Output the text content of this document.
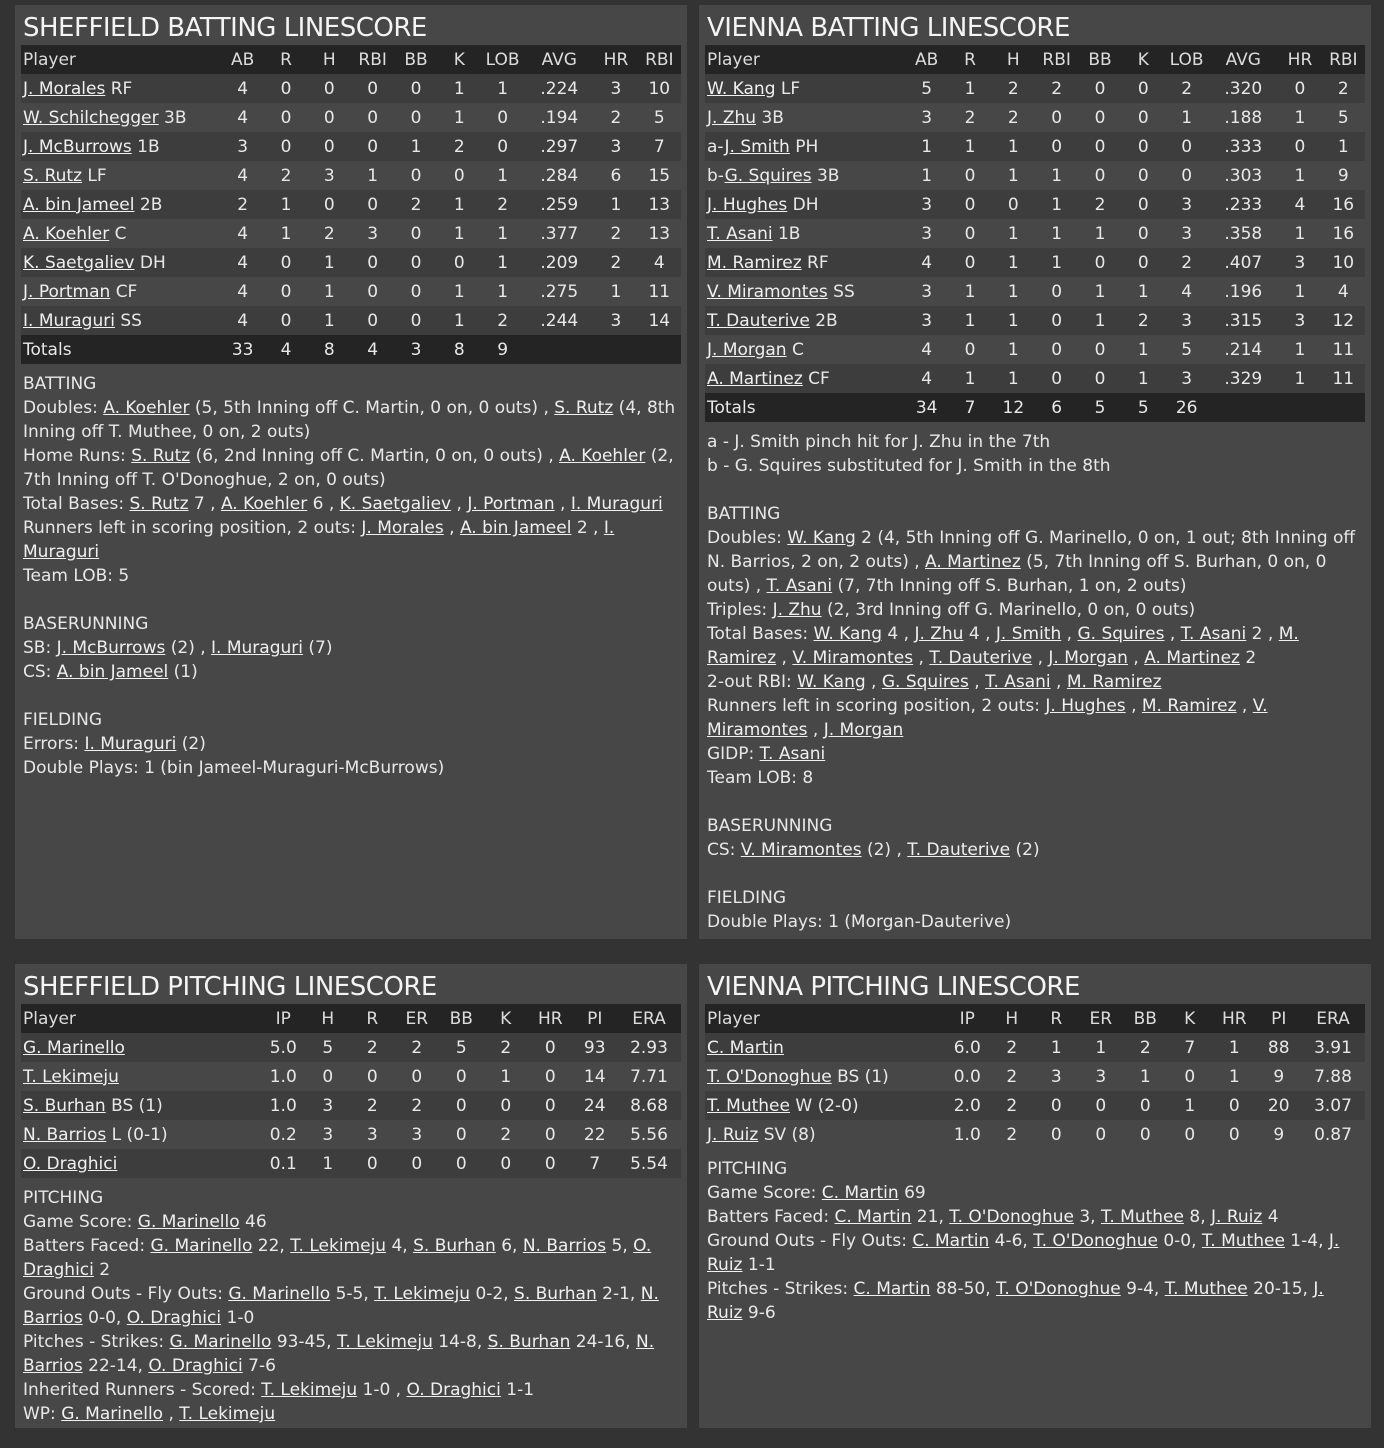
SHEFFIELD BATTING LINESCORE
Player	AB	R	H	RBI	BB	K	LOB	AVG	HR	RBI
J. Morales RF	4	0	0	0	0	1	1	.224	3	10
W. Schilchegger 3B	4	0	0	0	0	1	0	.194	2	5
J. McBurrows 1B	3	0	0	0	1	2	0	.297	3	7
S. Rutz LF	4	2	3	1	0	0	1	.284	6	15
A. bin Jameel 2B	2	1	0	0	2	1	2	.259	1	13
A. Koehler C	4	1	2	3	0	1	1	.377	2	13
K. Saetgaliev DH	4	0	1	0	0	0	1	.209	2	4
J. Portman CF	4	0	1	0	0	1	1	.275	1	11
I. Muraguri SS	4	0	1	0	0	1	2	.244	3	14
Totals	33	4	8	4	3	8	9			
BATTING
Doubles: A. Koehler (5, 5th Inning off C. Martin, 0 on, 0 outs) , S. Rutz (4, 8th Inning off T. Muthee, 0 on, 2 outs)
Home Runs: S. Rutz (6, 2nd Inning off C. Martin, 0 on, 0 outs) , A. Koehler (2, 7th Inning off T. O'Donoghue, 2 on, 0 outs)
Total Bases: S. Rutz 7 , A. Koehler 6 , K. Saetgaliev , J. Portman , I. Muraguri
Runners left in scoring position, 2 outs: J. Morales , A. bin Jameel 2 , I. Muraguri
Team LOB: 5
BASERUNNING
SB: J. McBurrows (2) , I. Muraguri (7)
CS: A. bin Jameel (1)
FIELDING
Errors: I. Muraguri (2)
Double Plays: 1 (bin Jameel-Muraguri-McBurrows)
VIENNA BATTING LINESCORE
Player	AB	R	H	RBI	BB	K	LOB	AVG	HR	RBI
W. Kang LF	5	1	2	2	0	0	2	.320	0	2
J. Zhu 3B	3	2	2	0	0	0	1	.188	1	5
a-J. Smith PH	1	1	1	0	0	0	0	.333	0	1
b-G. Squires 3B	1	0	1	1	0	0	0	.303	1	9
J. Hughes DH	3	0	0	1	2	0	3	.233	4	16
T. Asani 1B	3	0	1	1	1	0	3	.358	1	16
M. Ramirez RF	4	0	1	1	0	0	2	.407	3	10
V. Miramontes SS	3	1	1	0	1	1	4	.196	1	4
T. Dauterive 2B	3	1	1	0	1	2	3	.315	3	12
J. Morgan C	4	0	1	0	0	1	5	.214	1	11
A. Martinez CF	4	1	1	0	0	1	3	.329	1	11
Totals	34	7	12	6	5	5	26			
a - J. Smith pinch hit for J. Zhu in the 7th
b - G. Squires substituted for J. Smith in the 8th
BATTING
Doubles: W. Kang 2 (4, 5th Inning off G. Marinello, 0 on, 1 out; 8th Inning off N. Barrios, 2 on, 2 outs) , A. Martinez (5, 7th Inning off S. Burhan, 0 on, 0 outs) , T. Asani (7, 7th Inning off S. Burhan, 1 on, 2 outs)
Triples: J. Zhu (2, 3rd Inning off G. Marinello, 0 on, 0 outs)
Total Bases: W. Kang 4 , J. Zhu 4 , J. Smith , G. Squires , T. Asani 2 , M. Ramirez , V. Miramontes , T. Dauterive , J. Morgan , A. Martinez 2
2-out RBI: W. Kang , G. Squires , T. Asani , M. Ramirez
Runners left in scoring position, 2 outs: J. Hughes , M. Ramirez , V. Miramontes , J. Morgan
GIDP: T. Asani
Team LOB: 8
BASERUNNING
CS: V. Miramontes (2) , T. Dauterive (2)
FIELDING
Double Plays: 1 (Morgan-Dauterive)
SHEFFIELD PITCHING LINESCORE
Player	IP	H	R	ER	BB	K	HR	PI	ERA
G. Marinello	5.0	5	2	2	5	2	0	93	2.93
T. Lekimeju	1.0	0	0	0	0	1	0	14	7.71
S. Burhan BS (1)	1.0	3	2	2	0	0	0	24	8.68
N. Barrios L (0-1)	0.2	3	3	3	0	2	0	22	5.56
O. Draghici	0.1	1	0	0	0	0	0	7	5.54
PITCHING
Game Score: G. Marinello 46
Batters Faced: G. Marinello 22, T. Lekimeju 4, S. Burhan 6, N. Barrios 5, O. Draghici 2
Ground Outs - Fly Outs: G. Marinello 5-5, T. Lekimeju 0-2, S. Burhan 2-1, N. Barrios 0-0, O. Draghici 1-0
Pitches - Strikes: G. Marinello 93-45, T. Lekimeju 14-8, S. Burhan 24-16, N. Barrios 22-14, O. Draghici 7-6
Inherited Runners - Scored: T. Lekimeju 1-0 , O. Draghici 1-1
WP: G. Marinello , T. Lekimeju
VIENNA PITCHING LINESCORE
Player	IP	H	R	ER	BB	K	HR	PI	ERA
C. Martin	6.0	2	1	1	2	7	1	88	3.91
T. O'Donoghue BS (1)	0.0	2	3	3	1	0	1	9	7.88
T. Muthee W (2-0)	2.0	2	0	0	0	1	0	20	3.07
J. Ruiz SV (8)	1.0	2	0	0	0	0	0	9	0.87
PITCHING
Game Score: C. Martin 69
Batters Faced: C. Martin 21, T. O'Donoghue 3, T. Muthee 8, J. Ruiz 4
Ground Outs - Fly Outs: C. Martin 4-6, T. O'Donoghue 0-0, T. Muthee 1-4, J. Ruiz 1-1
Pitches - Strikes: C. Martin 88-50, T. O'Donoghue 9-4, T. Muthee 20-15, J. Ruiz 9-6
